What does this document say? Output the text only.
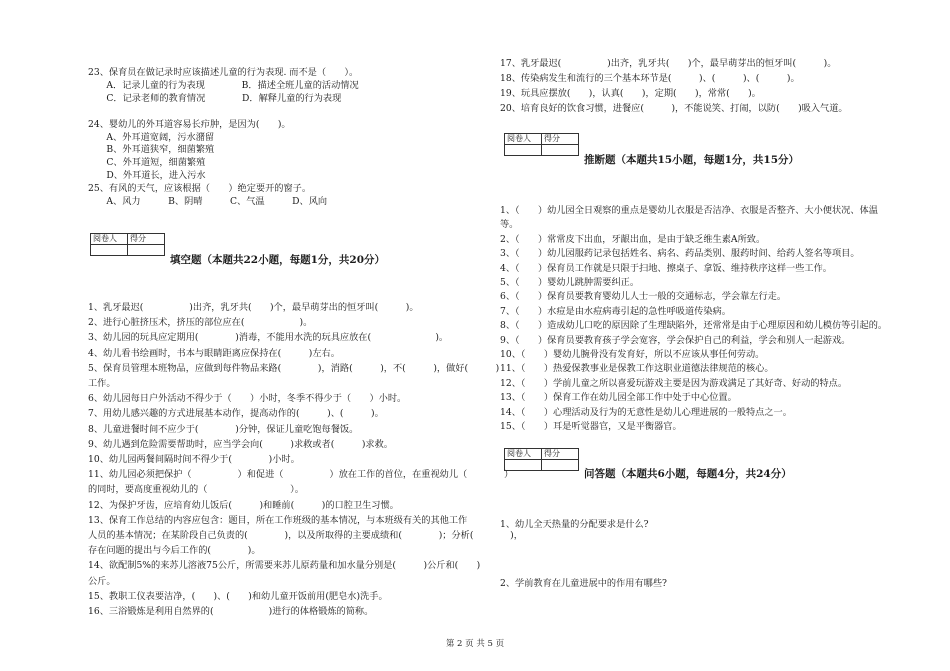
23、保育员在做记录时应该描述儿童的行为表现. 而不是（　　）。
　　A．记录儿童的行为表现　　　　B．描述全班儿童的活动情况
　　C．记录老师的教育情况　　　　D．解释儿童的行为表现
24、婴幼儿的外耳道容易长疖肿，是因为(　　)。
　　A、外耳道宽阔，污水潴留
　　B、外耳道狭窄，细菌繁殖
　　C、外耳道短，细菌繁殖
　　D、外耳道长，进入污水
25、有风的天气，应该根据（　　）绝定要开的窗子。
　　A、风力　　　B、阴晴　　　C、气温　　　D、风向
阅卷人	得分

填空题（本题共22小题，每题1分，共20分）
1、乳牙最迟(　　　　　)出齐，乳牙共(　　)个，最早萌芽出的恒牙叫(　　　)。
2、进行心脏挤压术，挤压的部位应在(　　　　　　)。
3、幼儿园的玩具应定期用(　　　　)消毒，不能用水洗的玩具应放在(　　　　　　　)。
4、幼儿看书绘画时，书本与眼睛距离应保持在(　　　)左右。
5、保育员管理本班物品，应做到每件物品来路(　　　　)，消路(　　　)，不(　　　)，做好(　　　)
工作。
6、幼儿园每日户外活动不得少于（　　）小时，冬季不得少于（　　）小时。
7、用幼儿感兴趣的方式进展基本动作，提高动作的(　　　)、(　　　)。
8、儿童进餐时间不应少于(　　　　)分钟，保证儿童吃饱每餐饭。
9、幼儿遇到危险需要帮助时，应当学会向(　　　)求救或者(　　　)求救。
10、幼儿园两餐间隔时间不得少于(　　　　)小时。
11、幼儿园必须把保护（　　　　　）和促进（　　　　　）放在工作的首位，在重视幼儿（　　　　）
的同时，要高度重视幼儿的（　　　　　　　　　）。
12、为保护牙齿，应培育幼儿饭后(　　　)和睡前(　　　)的口腔卫生习惯。
13、保育工作总结的内容应包含：题目，所在工作班级的基本情况，与本班级有关的其他工作
人员的基本情况；在某阶段自己负责的(　　　　)，以及所取得的主要成绩和(　　　　)；分析(　　　　)，
存在问题的提出与今后工作的(　　　　)。
14、欲配制5%的来苏儿溶液75公斤，所需要来苏儿原药量和加水量分别是(　　　)公斤和(　　)
公斤。
15、教职工仪表要洁净，(　　)、(　　)和幼儿童开饭前用(肥皂水)洗手。
16、三浴锻炼是利用自然界的(　　　　　　)进行的体格锻炼的简称。
17、乳牙最迟(　　　　　)出齐，乳牙共(　　)个，最早萌芽出的恒牙叫(　　　)。
18、传染病发生和流行的三个基本环节是(　　　)、(　　　)、(　　　)。
19、玩具应摆放(　　)，认真(　　)，定期(　　)，常常(　　)。
20、培育良好的饮食习惯，进餐应(　　　)，不能说笑、打闹，以防(　　)吸入气道。
阅卷人	得分

推断题（本题共15小题，每题1分，共15分）
1、（　　）幼儿园全日观察的重点是婴幼儿衣服是否洁净、衣服是否整齐、大小便状况、体温
等。
2、（　　）常常皮下出血，牙龈出血，是由于缺乏维生素A所致。
3、（　　）幼儿园服药记录包括姓名、病名、药品类别、服药时间、给药人签名等项目。
4、（　　）保育员工作就是只限于扫地、擦桌子、拿饭、维持秩序这样一些工作。
5、（　　）婴幼儿跳肿需要纠正。
6、（　　）保育员要教育婴幼儿人士一般的交通标志，学会靠左行走。
7、（　　）水痘是由水痘病毒引起的急性呼吸道传染病。
8、（　　）造成幼儿口吃的原因除了生理缺陷外，还常常是由于心理原因和幼儿模仿等引起的。
9、（　　）保育员要教育孩子学会宽容，学会保护自己的利益，学会和别人一起游戏。
10、（　　）婴幼儿腕骨没有发育好，所以不应该从事任何劳动。
11、（　　）热爱保教事业是保教工作这职业道德法律规范的核心。
12、（　　）学前儿童之所以喜爱玩游戏主要是因为游戏满足了其好奇、好动的特点。
13、（　　）保育工作在幼儿园全部工作中处于中心位置。
14、（　　）心理活动及行为的无意性是幼儿心理进展的一般特点之一。
15、（　　）耳是听觉器官，又是平衡器官。
阅卷人	得分

问答题（本题共6小题，每题4分，共24分）
1、幼儿全天热量的分配要求是什么?
2、学前教育在儿童进展中的作用有哪些?
第 2 页 共 5 页
